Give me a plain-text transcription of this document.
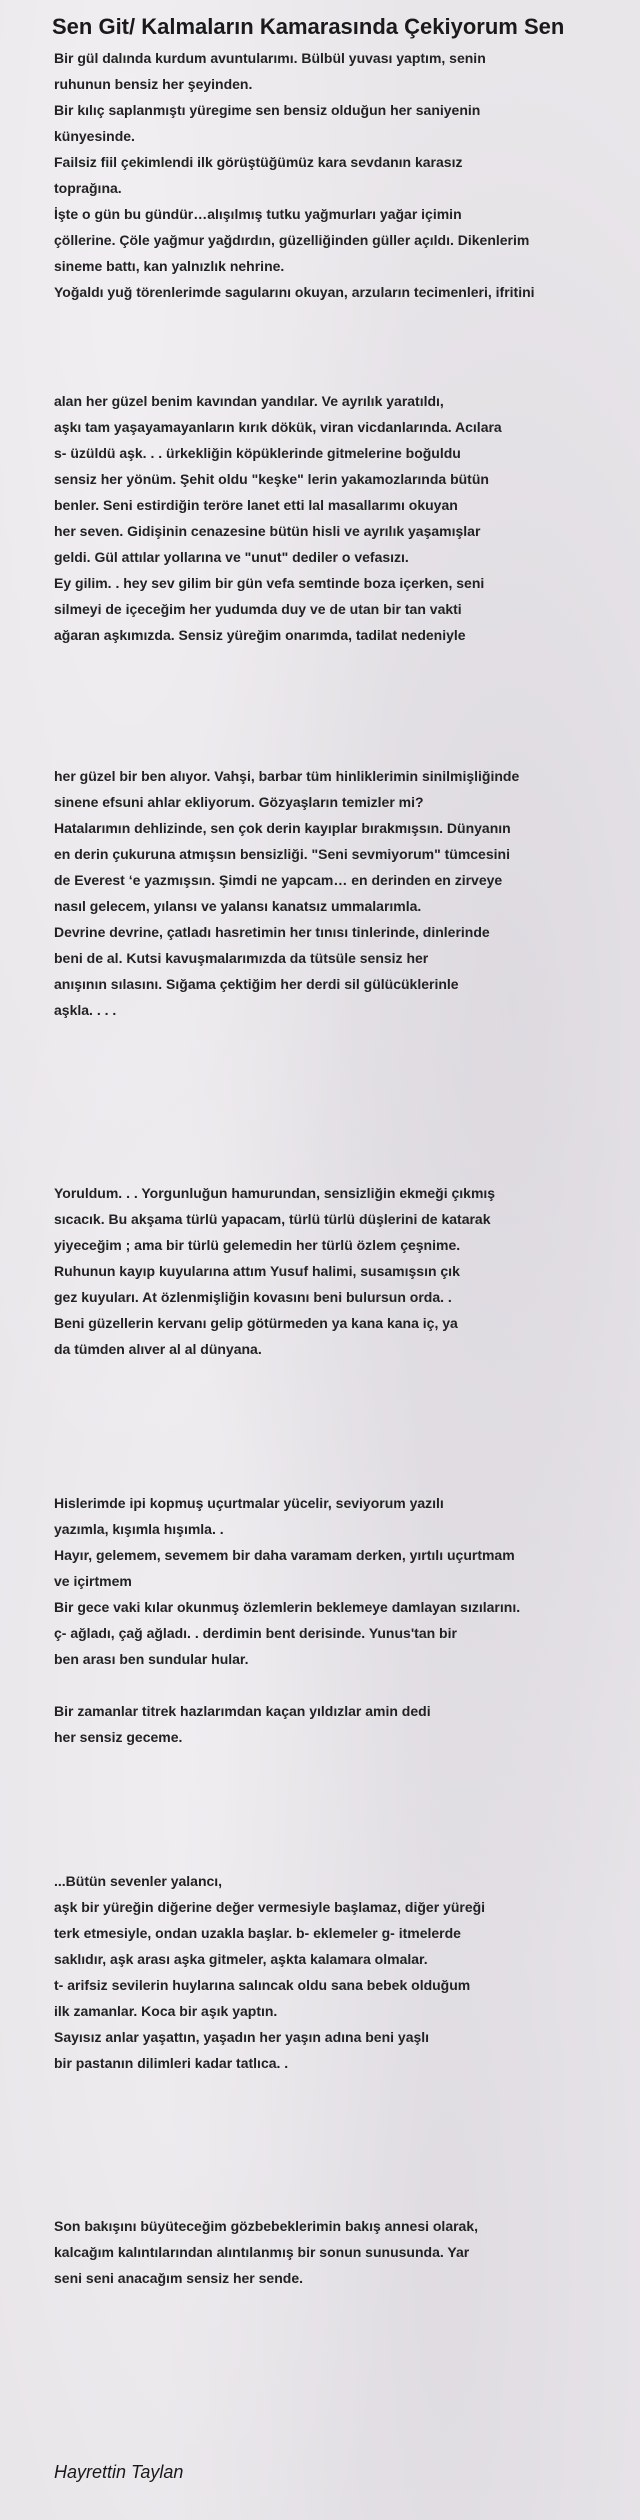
Sen Git/ Kalmaların Kamarasında Çekiyorum Sen
Bir gül dalında kurdum avuntularımı. Bülbül yuvası yaptım, senin
ruhunun bensiz her şeyinden.
Bir kılıç saplanmıştı yüregime sen bensiz olduğun her saniyenin
künyesinde.
Failsiz fiil çekimlendi ilk görüştüğümüz kara sevdanın karasız
toprağına.
İşte o gün bu gündür…alışılmış tutku yağmurları yağar içimin
çöllerine. Çöle yağmur yağdırdın, güzelliğinden güller açıldı. Dikenlerim
sineme battı, kan yalnızlık nehrine.
Yoğaldı yuğ törenlerimde sagularını okuyan, arzuların tecimenleri, ifritini
alan her güzel benim kavından yandılar. Ve ayrılık yaratıldı,
aşkı tam yaşayamayanların kırık dökük, viran vicdanlarında. Acılara
s- üzüldü aşk. . . ürkekliğin köpüklerinde gitmelerine boğuldu
sensiz her yönüm. Şehit oldu "keşke" lerin yakamozlarında bütün
benler. Seni estirdiğin teröre lanet etti lal masallarımı okuyan
her seven. Gidişinin cenazesine bütün hisli ve ayrılık yaşamışlar
geldi. Gül attılar yollarına ve "unut" dediler o vefasızı.
Ey gilim. . hey sev gilim bir gün vefa semtinde boza içerken, seni
silmeyi de içeceğim her yudumda duy ve de utan bir tan vakti
ağaran aşkımızda. Sensiz yüreğim onarımda, tadilat nedeniyle
her güzel bir ben alıyor. Vahşi, barbar tüm hinliklerimin sinilmişliğinde
sinene efsuni ahlar ekliyorum. Gözyaşların temizler mi?
Hatalarımın dehlizinde, sen çok derin kayıplar bırakmışsın. Dünyanın
en derin çukuruna atmışsın bensizliği. "Seni sevmiyorum" tümcesini
de Everest ‘e yazmışsın. Şimdi ne yapcam… en derinden en zirveye
nasıl gelecem, yılansı ve yalansı kanatsız ummalarımla.
Devrine devrine, çatladı hasretimin her tınısı tinlerinde, dinlerinde
beni de al. Kutsi kavuşmalarımızda da tütsüle sensiz her
anışının sılasını. Sığama çektiğim her derdi sil gülücüklerinle
aşkla. . . .
Yoruldum. . . Yorgunluğun hamurundan, sensizliğin ekmeği çıkmış
sıcacık. Bu akşama türlü yapacam, türlü türlü düşlerini de katarak
yiyeceğim ; ama bir türlü gelemedin her türlü özlem çeşnime.
Ruhunun kayıp kuyularına attım Yusuf halimi, susamışsın çık
gez kuyuları. At özlenmişliğin kovasını beni bulursun orda. .
Beni güzellerin kervanı gelip götürmeden ya kana kana iç, ya
da tümden alıver al al dünyana.
Hislerimde ipi kopmuş uçurtmalar yücelir, seviyorum yazılı
yazımla, kışımla hışımla. .
Hayır, gelemem, sevemem bir daha varamam derken, yırtılı uçurtmam
ve içirtmem
Bir gece vaki kılar okunmuş özlemlerin beklemeye damlayan sızılarını.
ç- ağladı, çağ ağladı. . derdimin bent derisinde. Yunus'tan bir
ben arası ben sundular hular.
Bir zamanlar titrek hazlarımdan kaçan yıldızlar amin dedi
her sensiz geceme.
...Bütün sevenler yalancı,
aşk bir yüreğin diğerine değer vermesiyle başlamaz, diğer yüreği
terk etmesiyle, ondan uzakla başlar. b- eklemeler g- itmelerde
saklıdır, aşk arası aşka gitmeler, aşkta kalamara olmalar.
t- arifsiz sevilerin huylarına salıncak oldu sana bebek olduğum
ilk zamanlar. Koca bir aşık yaptın.
Sayısız anlar yaşattın, yaşadın her yaşın adına beni yaşlı
bir pastanın dilimleri kadar tatlıca. .
Son bakışını büyüteceğim gözbebeklerimin bakış annesi olarak,
kalcağım kalıntılarından alıntılanmış bir sonun sunusunda. Yar
seni seni anacağım sensiz her sende.
Hayrettin Taylan
